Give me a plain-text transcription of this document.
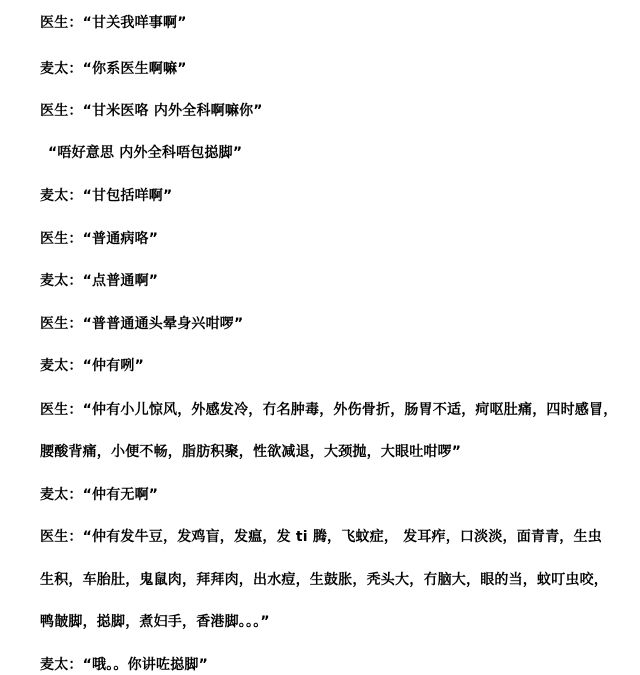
医生：“甘关我咩事啊”
麦太：“你系医生啊嘛”
医生：“甘米医咯 内外全科啊嘛你”
“唔好意思 内外全科唔包搃脚”
麦太：“甘包括咩啊”
医生：“普通病咯”
麦太：“点普通啊”
医生：“普普通通头晕身兴咁啰”
麦太：“仲有咧”
医生：“仲有小儿惊风，外感发冷，冇名肿毒，外伤骨折，肠胃不适，疴呕肚痛，四时感冒，
腰酸背痛，小便不畅，脂肪积聚，性欲减退，大颈抛，大眼吐咁啰”
麦太：“仲有无啊”
医生：“仲有发牛豆，发鸡盲，发瘟，发 ti 腾，飞蚊症， 发耳痄，口淡淡，面青青，生虫
生积，车胎肚，鬼鼠肉，拜拜肉，出水痘，生鼓胀，秃头大，冇脑大，眼的当，蚊叮虫咬，
鸭皵脚，搃脚，煮妇手，香港脚。。。”
麦太：“哦。。你讲咗搃脚”
